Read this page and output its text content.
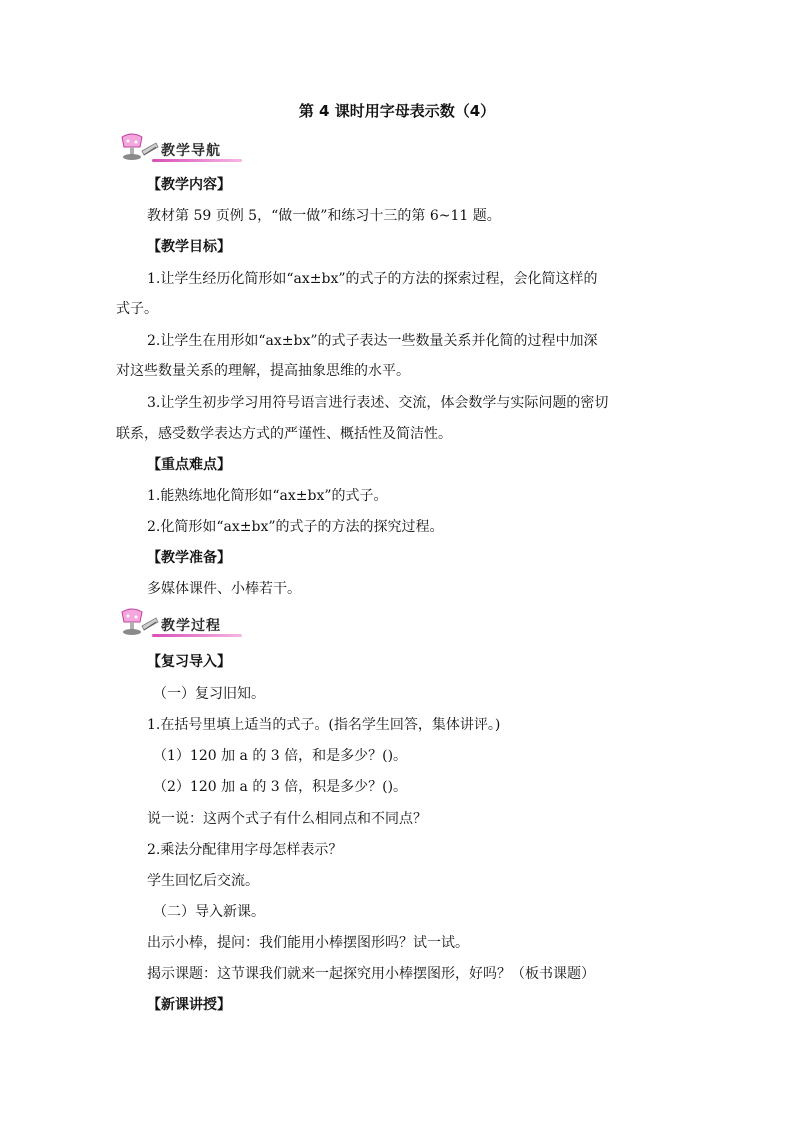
第 4 课时用字母表示数（4）
教学导航
【教学内容】
教材第 59 页例 5，“做一做”和练习十三的第 6~11 题。
【教学目标】
1.让学生经历化简形如“ax±bx”的式子的方法的探索过程，会化简这样的
式子。
2.让学生在用形如“ax±bx”的式子表达一些数量关系并化简的过程中加深
对这些数量关系的理解，提高抽象思维的水平。
3.让学生初步学习用符号语言进行表述、交流，体会数学与实际问题的密切
联系，感受数学表达方式的严谨性、概括性及简洁性。
【重点难点】
1.能熟练地化简形如“ax±bx”的式子。
2.化简形如“ax±bx”的式子的方法的探究过程。
【教学准备】
多媒体课件、小棒若干。
教学过程
【复习导入】
（一）复习旧知。
1.在括号里填上适当的式子。(指名学生回答，集体讲评。)
（1）120 加 a 的 3 倍，和是多少？()。
（2）120 加 a 的 3 倍，积是多少？()。
说一说：这两个式子有什么相同点和不同点？
2.乘法分配律用字母怎样表示？
学生回忆后交流。
（二）导入新课。
出示小棒，提问：我们能用小棒摆图形吗？试一试。
揭示课题：这节课我们就来一起探究用小棒摆图形，好吗？（板书课题）
【新课讲授】
